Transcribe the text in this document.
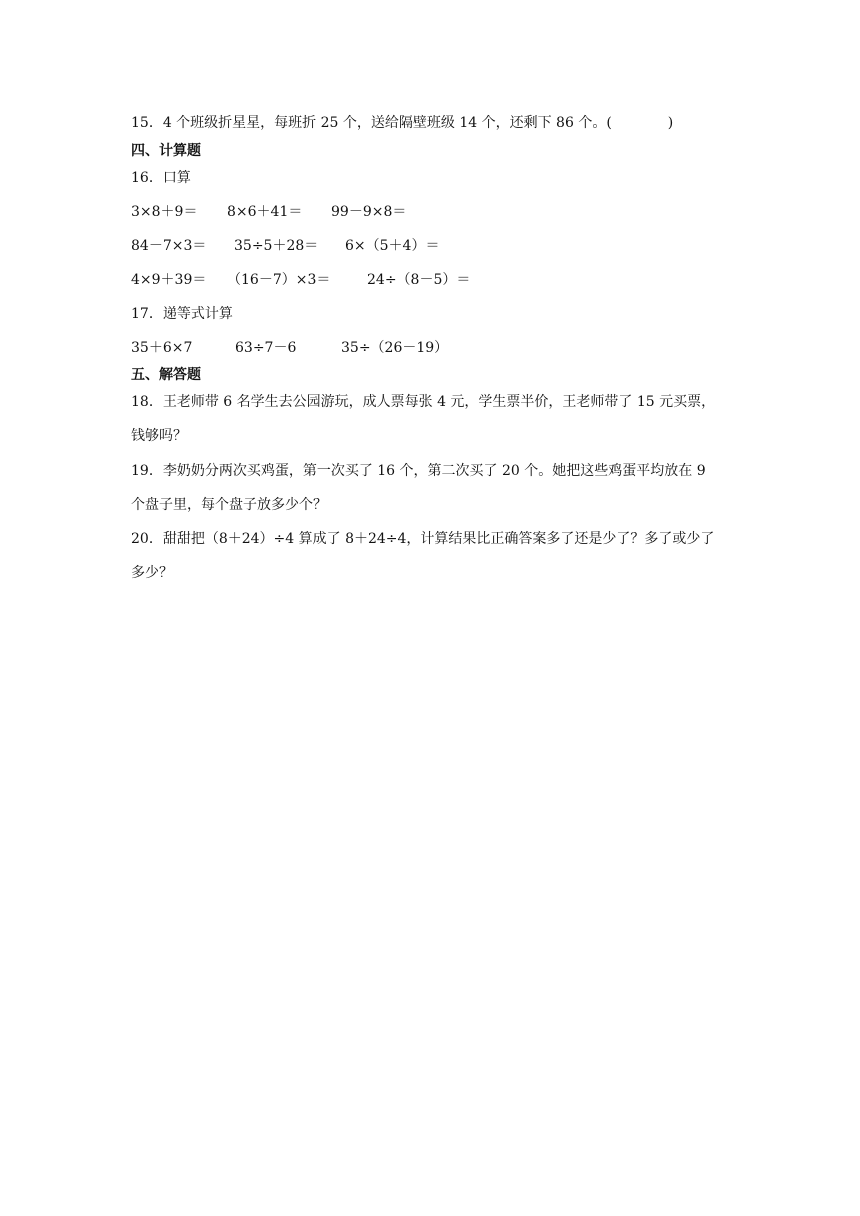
15．4 个班级折星星，每班折 25 个，送给隔壁班级 14 个，还剩下 86 个。(　　　　)
四、计算题
16．口算
3×8＋9＝ 8×6＋41＝ 99－9×8＝
84－7×3＝ 35÷5＋28＝ 6×（5＋4）＝
4×9＋39＝ （16－7）×3＝	24÷（8－5）＝
17．递等式计算
35＋6×7	63÷7－6	35÷（26－19）
五、解答题
18．王老师带 6 名学生去公园游玩，成人票每张 4 元，学生票半价，王老师带了 15 元买票，
钱够吗？
19．李奶奶分两次买鸡蛋，第一次买了 16 个，第二次买了 20 个。她把这些鸡蛋平均放在 9
个盘子里，每个盘子放多少个？
20．甜甜把（8＋24）÷4 算成了 8＋24÷4，计算结果比正确答案多了还是少了？多了或少了
多少？
